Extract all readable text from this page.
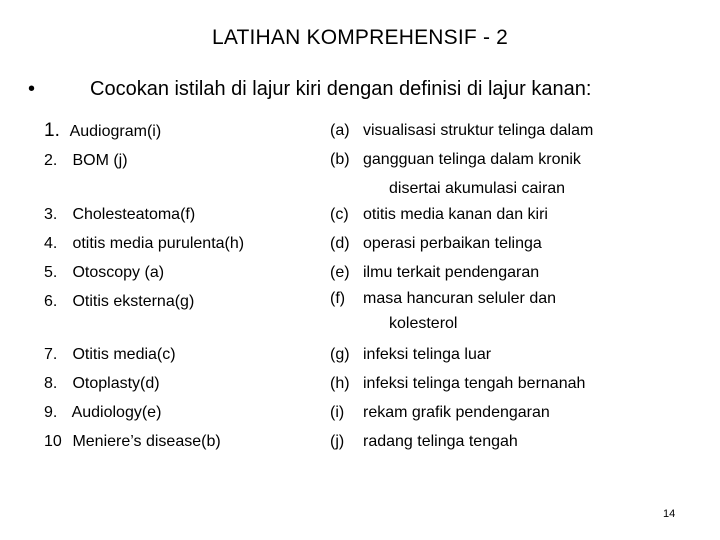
LATIHAN KOMPREHENSIF - 2
•	Cocokan istilah di lajur kiri dengan definisi di lajur kanan:
1. Audiogram(i)
2. BOM (j)
3. Cholesteatoma(f)
4. otitis media purulenta(h)
5. Otoscopy (a)
6. Otitis eksterna(g)
7. Otitis media(c)
8. Otoplasty(d)
9. Audiology(e)
10 Meniere’s disease(b)
(a) visualisasi struktur telinga dalam
(b) gangguan telinga dalam kronik
disertai akumulasi cairan
(c) otitis media kanan dan kiri
(d) operasi perbaikan telinga
(e) ilmu terkait pendengaran
(f) masa hancuran seluler dan
kolesterol
(g) infeksi telinga luar
(h) infeksi telinga tengah bernanah
(i) rekam grafik pendengaran
(j) radang telinga tengah
14
